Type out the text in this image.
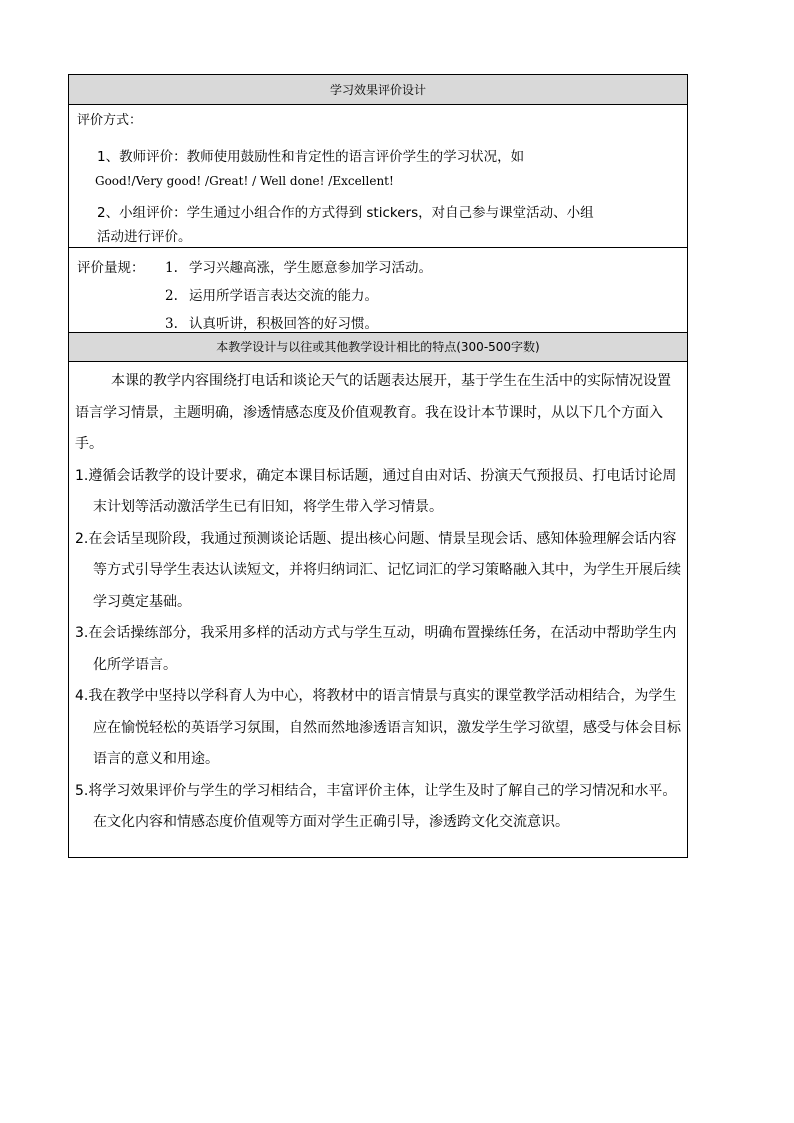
学习效果评价设计
评价方式：
1、教师评价：教师使用鼓励性和肯定性的语言评价学生的学习状况，如
Good!/Very good! /Great! / Well done! /Excellent!
2、小组评价：学生通过小组合作的方式得到 stickers，对自己参与课堂活动、小组
活动进行评价。
评价量规：	1. 学习兴趣高涨，学生愿意参加学习活动。
2. 运用所学语言表达交流的能力。
3. 认真听讲，积极回答的好习惯。
本教学设计与以往或其他教学设计相比的特点(300-500字数)

本课的教学内容围绕打电话和谈论天气的话题表达展开，基于学生在生活中的实际情况设置语言学习情景，主题明确，渗透情感态度及价值观教育。我在设计本节课时，从以下几个方面入手。

1.遵循会话教学的设计要求，确定本课目标话题，通过自由对话、扮演天气预报员、打电话讨论周末计划等活动激活学生已有旧知，将学生带入学习情景。

2.在会话呈现阶段，我通过预测谈论话题、提出核心问题、情景呈现会话、感知体验理解会话内容等方式引导学生表达认读短文，并将归纳词汇、记忆词汇的学习策略融入其中，为学生开展后续学习奠定基础。

3.在会话操练部分，我采用多样的活动方式与学生互动，明确布置操练任务，在活动中帮助学生内化所学语言。

4.我在教学中坚持以学科育人为中心，将教材中的语言情景与真实的课堂教学活动相结合，为学生应在愉悦轻松的英语学习氛围，自然而然地渗透语言知识，激发学生学习欲望，感受与体会目标语言的意义和用途。

5.将学习效果评价与学生的学习相结合，丰富评价主体，让学生及时了解自己的学习情况和水平。在文化内容和情感态度价值观等方面对学生正确引导，渗透跨文化交流意识。
